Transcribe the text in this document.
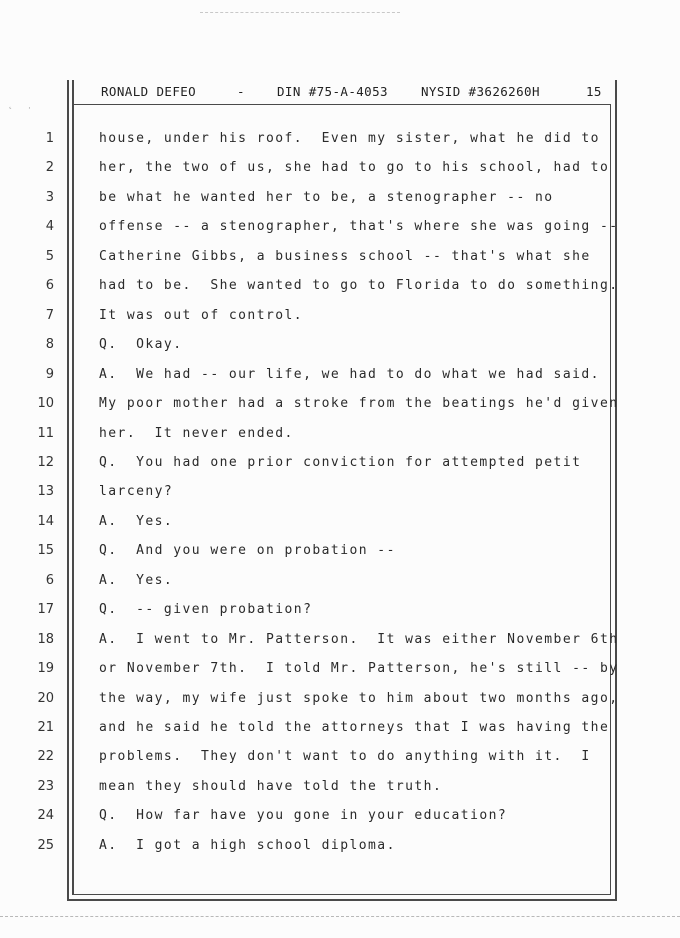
˛ ·

RONALD DEFEO

	-

	DIN #75-A-4053

	NYSID #3626260H

	15

1	house, under his roof.  Even my sister, what he did to
2	her, the two of us, she had to go to his school, had to
3	be what he wanted her to be, a stenographer -- no
4	offense -- a stenographer, that's where she was going --
5	Catherine Gibbs, a business school -- that's what she
6	had to be.  She wanted to go to Florida to do something.
7	It was out of control.
8	Q.  Okay.
9	A.  We had -- our life, we had to do what we had said.
10	My poor mother had a stroke from the beatings he'd given
11	her.  It never ended.
12	Q.  You had one prior conviction for attempted petit
13	larceny?
14	A.  Yes.
15	Q.  And you were on probation --
6	A.  Yes.
17	Q.  -- given probation?
18	A.  I went to Mr. Patterson.  It was either November 6th
19	or November 7th.  I told Mr. Patterson, he's still -- by
20	the way, my wife just spoke to him about two months ago,
21	and he said he told the attorneys that I was having the
22	problems.  They don't want to do anything with it.  I
23	mean they should have told the truth.
24	Q.  How far have you gone in your education?
25	A.  I got a high school diploma.
